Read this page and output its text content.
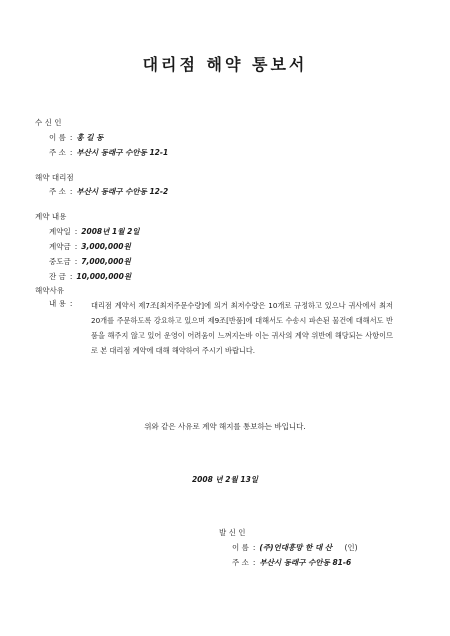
대리점 해약 통보서
수 신 인
이 름 : 홍 길 동
주 소 : 부산시 동래구 수안동 12-1
해약 대리점
주 소 : 부산시 동래구 수안동 12-2
계약 내용
계약일 : 2008년 1월 2일
계약금 : 3,000,000원
중도금 : 7,000,000원
잔 금 : 10,000,000원
해약사유
내 용 :	대리점 계약서 제7조[최저주문수량]에 의거 최저수량은 10개로 규정하고 있으나 귀사에서 최저 20개를 주문하도록 강요하고 있으며 제9조[반품]에 대해서도 수송시 파손된 물건에 대해서도 반품을 해주지 않고 있어 운영이 어려움이 느껴지는바 이는 귀사의 계약 위반에 해당되는 사항이므로 본 대리점 계약에 대해 해약하여 주시기 바랍니다.
위와 같은 사유로 계약 해지를 통보하는 바입니다.
2008 년 2월 13일
발 신 인
이 름 : (주)언대흥망 한 대 산 (인)
주 소 : 부산시 동래구 수안동 81-6
